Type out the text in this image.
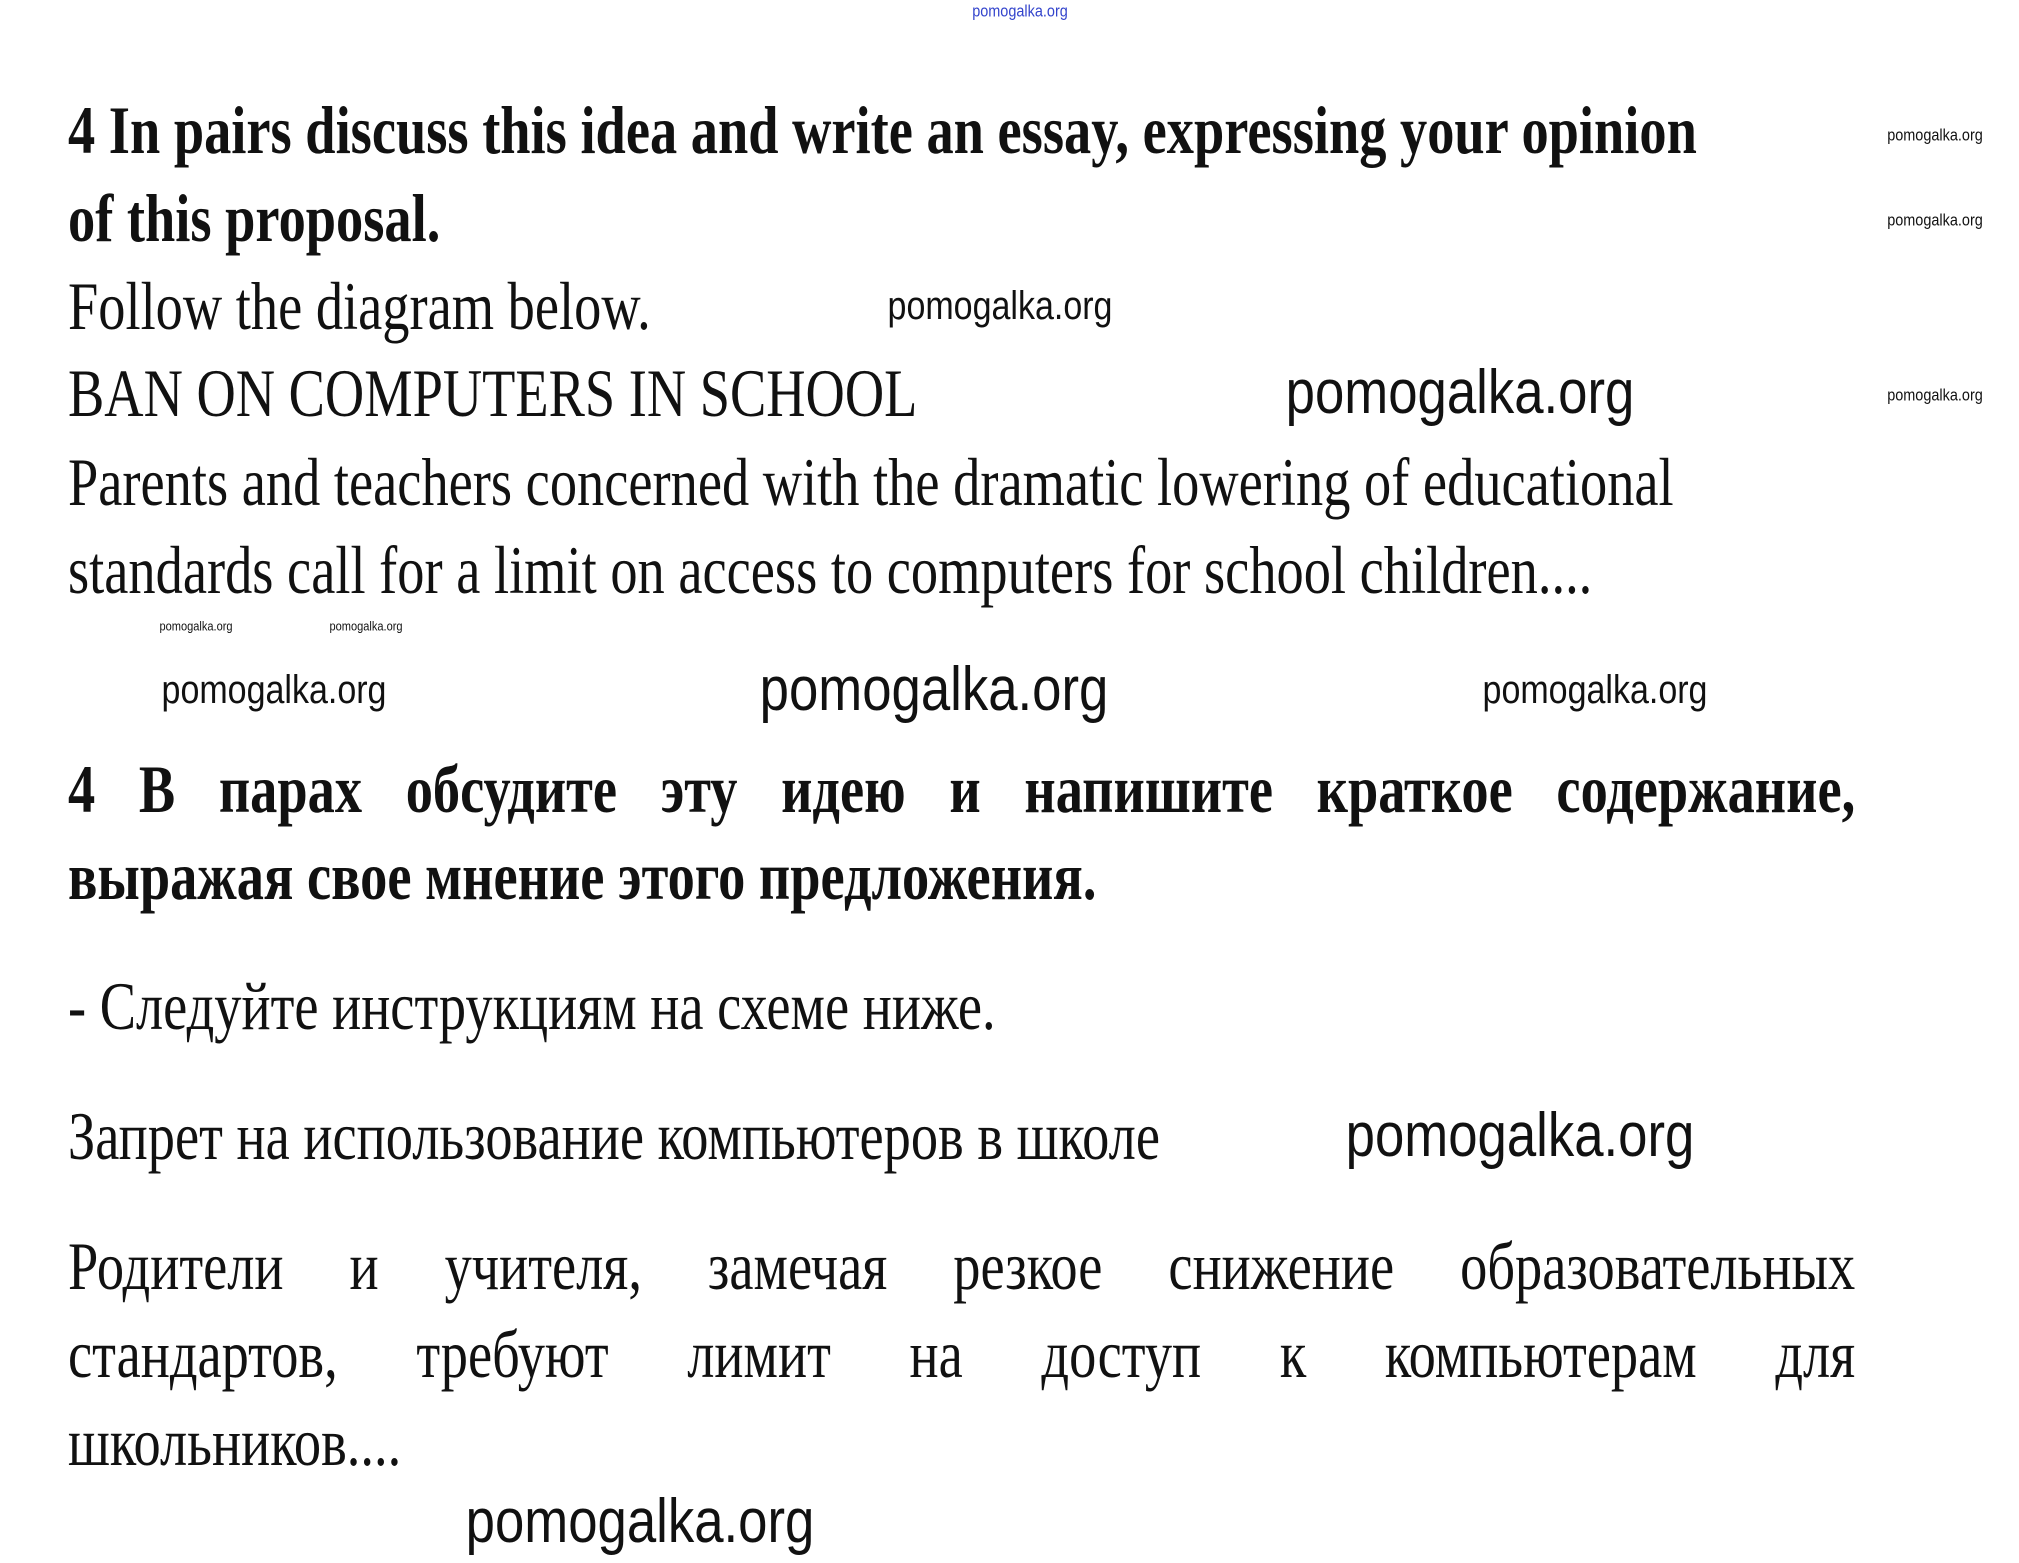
pomogalka.org
4 In pairs discuss this idea and write an essay, expressing your opinion
of this proposal.
Follow the diagram below.
BAN ON COMPUTERS IN SCHOOL
Parents and teachers concerned with the dramatic lowering of educational
standards call for a limit on access to computers for school children....
4 В парах обсудите эту идею и напишите краткое содержание,
выражая свое мнение этого предложения.
- Следуйте инструкциям на схеме ниже.
Запрет на использование компьютеров в школе
Родители и учителя, замечая резкое снижение образовательных
стандартов, требуют лимит на доступ к компьютерам для
школьников....
pomogalka.org
pomogalka.org
pomogalka.org
pomogalka.org
pomogalka.org
pomogalka.org	pomogalka.org
pomogalka.org	pomogalka.org	pomogalka.org
pomogalka.org
pomogalka.org
